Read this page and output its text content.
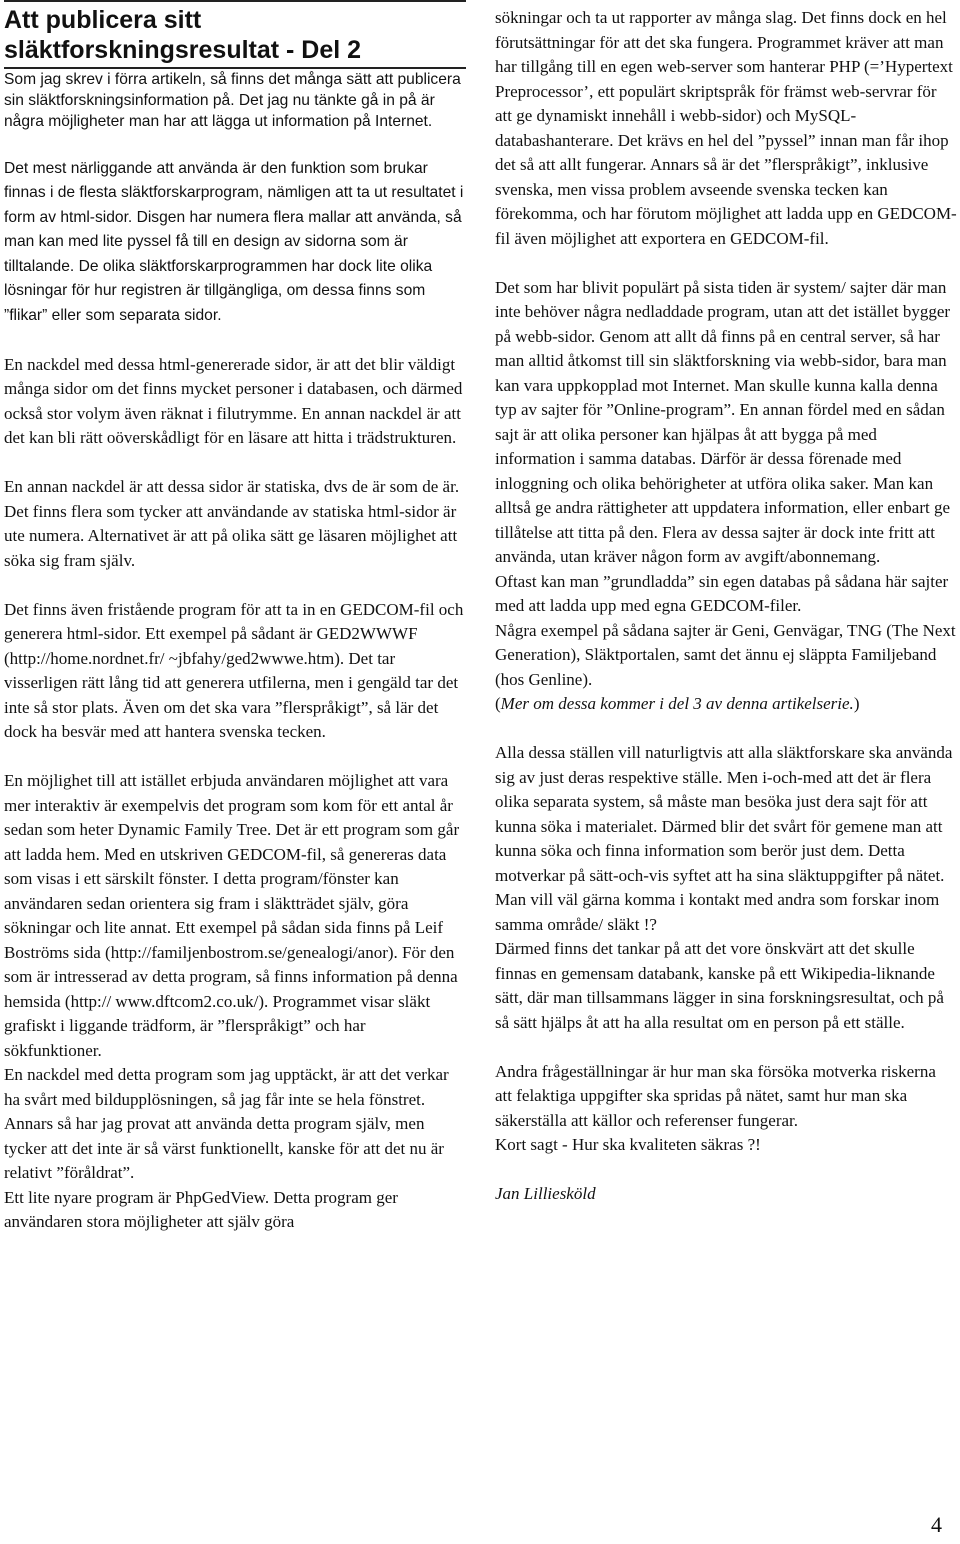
Att publicera sitt
släktforskningsresultat - Del 2

Som jag skrev i förra artikeln, så finns det många sätt att publicera sin släktforskningsinformation på. Det jag nu tänkte gå in på är några möjligheter man har att lägga ut information på Internet.

Det mest närliggande att använda är den funktion som brukar finnas i de flesta släktforskarprogram, nämligen att ta ut resultatet i form av html-sidor. Disgen har numera flera mallar att använda, så man kan med lite pyssel få till en design av sidorna som är tilltalande. De olika släktforskarprogrammen har dock lite olika lösningar för hur registren är tillgängliga, om dessa finns som ”flikar” eller som separata sidor.

En nackdel med dessa html-genererade sidor, är att det blir väldigt många sidor om det finns mycket personer i databasen, och därmed också stor volym även räknat i filutrymme. En annan nackdel är att det kan bli rätt oöverskådligt för en läsare att hitta i trädstrukturen.

En annan nackdel är att dessa sidor är statiska, dvs de är som de är. Det finns flera som tycker att användande av statiska html-sidor är ute numera. Alternativet är att på olika sätt ge läsaren möjlighet att söka sig fram själv.

Det finns även fristående program för att ta in en GEDCOM-fil och generera html-sidor. Ett exempel på sådant är GED2WWWF (http://home.nordnet.fr/ ~jbfahy/ged2wwwe.htm). Det tar visserligen rätt lång tid att generera utfilerna, men i gengäld tar det inte så stor plats. Även om det ska vara ”flerspråkigt”, så lär det dock ha besvär med att hantera svenska tecken.

En möjlighet till att istället erbjuda användaren möjlighet att vara mer interaktiv är exempelvis det program som kom för ett antal år sedan som heter Dynamic Family Tree. Det är ett program som går att ladda hem. Med en utskriven GEDCOM-fil, så genereras data som visas i ett särskilt fönster. I detta program/fönster kan användaren sedan orientera sig fram i släktträdet själv, göra sökningar och lite annat. Ett exempel på sådan sida finns på Leif Boströms sida (http://familjenbostrom.se/genealogi/anor). För den som är intresserad av detta program, så finns information på denna hemsida (http:// www.dftcom2.co.uk/). Programmet visar släkt grafiskt i liggande trädform, är ”flerspråkigt” och har sökfunktioner.

En nackdel med detta program som jag upptäckt, är att det verkar ha svårt med bildupplösningen, så jag får inte se hela fönstret. Annars så har jag provat att använda detta program själv, men tycker att det inte är så värst funktionellt, kanske för att det nu är relativt ”föråldrat”.

Ett lite nyare program är PhpGedView. Detta program ger användaren stora möjligheter att själv göra

sökningar och ta ut rapporter av många slag. Det finns dock en hel förutsättningar för att det ska fungera. Programmet kräver att man har tillgång till en egen web-server som hanterar PHP (=’Hypertext Preprocessor’, ett populärt skriptspråk för främst web-servrar för att ge dynamiskt innehåll i webb-sidor) och MySQL-databashanterare. Det krävs en hel del ”pyssel” innan man får ihop det så att allt fungerar. Annars så är det ”flerspråkigt”, inklusive svenska, men vissa problem avseende svenska tecken kan förekomma, och har förutom möjlighet att ladda upp en GEDCOM-fil även möjlighet att exportera en GEDCOM-fil.

Det som har blivit populärt på sista tiden är system/ sajter där man inte behöver några nedladdade program, utan att det istället bygger på webb-sidor. Genom att allt då finns på en central server, så har man alltid åtkomst till sin släktforskning via webb-sidor, bara man kan vara uppkopplad mot Internet. Man skulle kunna kalla denna typ av sajter för ”Online-program”. En annan fördel med en sådan sajt är att olika personer kan hjälpas åt att bygga på med information i samma databas. Därför är dessa förenade med inloggning och olika behörigheter at utföra olika saker. Man kan alltså ge andra rättigheter att uppdatera information, eller enbart ge tillåtelse att titta på den. Flera av dessa sajter är dock inte fritt att använda, utan kräver någon form av avgift/abonnemang.

Oftast kan man ”grundladda” sin egen databas på sådana här sajter med att ladda upp med egna GEDCOM-filer.

Några exempel på sådana sajter är Geni, Genvägar, TNG (The Next Generation), Släktportalen, samt det ännu ej släppta Familjeband (hos Genline).

(Mer om dessa kommer i del 3 av denna artikelserie.)

Alla dessa ställen vill naturligtvis att alla släktforskare ska använda sig av just deras respektive ställe. Men i-och-med att det är flera olika separata system, så måste man besöka just dera sajt för att kunna söka i materialet. Därmed blir det svårt för gemene man att kunna söka och finna information som berör just dem. Detta motverkar på sätt-och-vis syftet att ha sina släktuppgifter på nätet. Man vill väl gärna komma i kontakt med andra som forskar inom samma område/ släkt !?

Därmed finns det tankar på att det vore önskvärt att det skulle finnas en gemensam databank, kanske på ett Wikipedia-liknande sätt, där man tillsammans lägger in sina forskningsresultat, och på så sätt hjälps åt att ha alla resultat om en person på ett ställe.

Andra frågeställningar är hur man ska försöka motverka riskerna att felaktiga uppgifter ska spridas på nätet, samt hur man ska säkerställa att källor och referenser fungerar.

Kort sagt - Hur ska kvaliteten säkras ?!

Jan Lilliesköld

4
